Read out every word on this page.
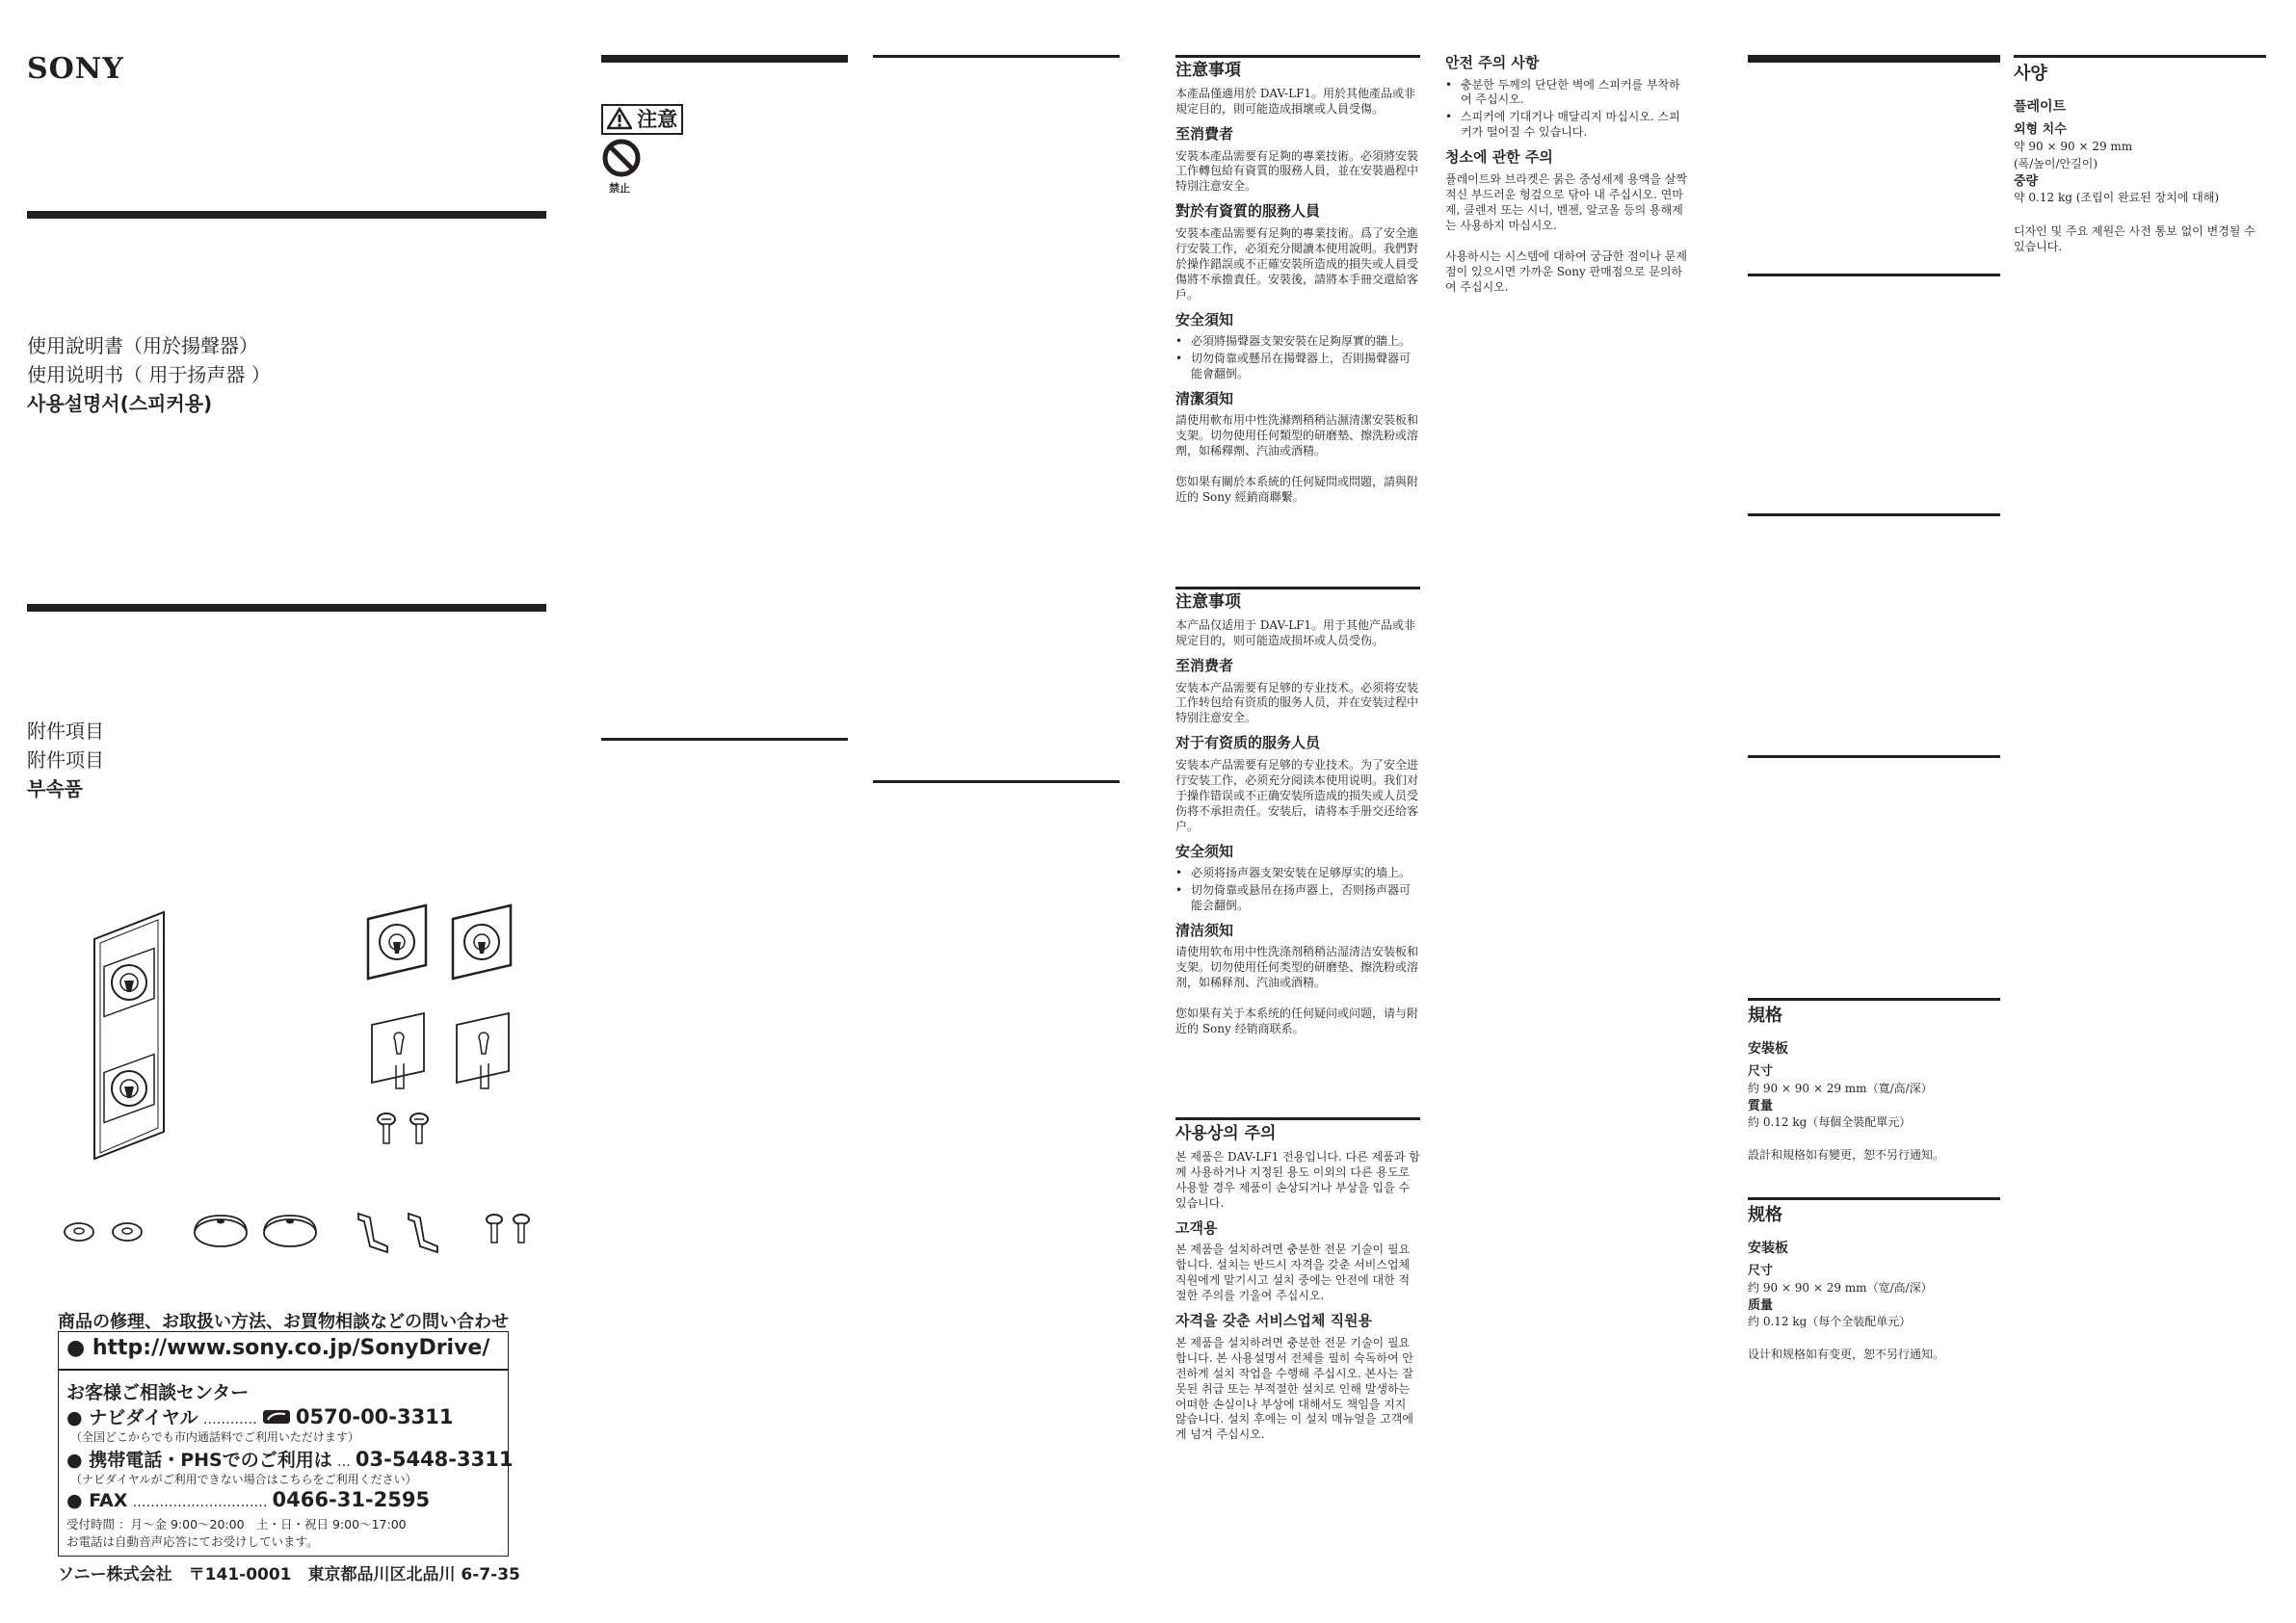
SONY
使用說明書（用於揚聲器）
使用说明书（ 用于扬声器 ）
사용설명서(스피커용)
附件項目
附件项目
부속품
商品の修理、お取扱い方法、お買物相談などの問い合わせ
● http://www.sony.co.jp/SonyDrive/
お客様ご相談センター
● ナビダイヤル ………… 0570-00-3311
（全国どこからでも市内通話料でご利用いただけます）
● 携帯電話・PHSでのご利用は … 03-5448-3311
（ナビダイヤルがご利用できない場合はこちらをご利用ください）
● FAX ………………………… 0466-31-2595
受付時間 ：月〜金 9:00〜20:00　土・日・祝日 9:00〜17:00
お電話は自動音声応答にてお受けしています。
ソニー株式会社　〒141-0001　東京都品川区北品川 6-7-35
注意
禁止
注意事項
本產品僅適用於 DAV-LF1。用於其他產品或非規定目的，則可能造成損壞或人員受傷。
至消費者
安裝本產品需要有足夠的專業技術。必須將安裝工作轉包給有資質的服務人員，並在安裝過程中特別注意安全。
對於有資質的服務人員
安裝本產品需要有足夠的專業技術。爲了安全進行安裝工作，必須充分閱讀本使用說明。我們對於操作錯誤或不正確安裝所造成的損失或人員受傷將不承擔責任。安裝後，請將本手冊交還給客戶。
安全須知
• 必須將揚聲器支架安裝在足夠厚實的牆上。
• 切勿倚靠或懸吊在揚聲器上，否則揚聲器可能會翻倒。
清潔須知
請使用軟布用中性洗滌劑稍稍沾濕清潔安裝板和支架。切勿使用任何類型的研磨墊、擦洗粉或溶劑，如稀釋劑、汽油或酒精。
您如果有關於本系統的任何疑問或問題，請與附近的 Sony 經銷商聯繫。
注意事项
本产品仅适用于 DAV-LF1。用于其他产品或非规定目的，则可能造成损坏或人员受伤。
至消费者
安装本产品需要有足够的专业技术。必须将安装工作转包给有资质的服务人员，并在安装过程中特别注意安全。
对于有资质的服务人员
安装本产品需要有足够的专业技术。为了安全进行安装工作，必须充分阅读本使用说明。我们对于操作错误或不正确安装所造成的损失或人员受伤将不承担责任。安装后，请将本手册交还给客户。
安全须知
• 必须将扬声器支架安装在足够厚实的墙上。
• 切勿倚靠或悬吊在扬声器上，否则扬声器可能会翻倒。
清洁须知
请使用软布用中性洗涤剂稍稍沾湿清洁安装板和支架。切勿使用任何类型的研磨垫、擦洗粉或溶剂，如稀释剂、汽油或酒精。
您如果有关于本系统的任何疑问或问题，请与附近的 Sony 经销商联系。
사용상의 주의
본 제품은 DAV-LF1 전용입니다. 다른 제품과 함께 사용하거나 지정된 용도 이외의 다른 용도로 사용할 경우 제품이 손상되거나 부상을 입을 수 있습니다.
고객용
본 제품을 설치하려면 충분한 전문 기술이 필요합니다. 설치는 반드시 자격을 갖춘 서비스업체 직원에게 맡기시고 설치 중에는 안전에 대한 적절한 주의를 기울여 주십시오.
자격을 갖춘 서비스업체 직원용
본 제품을 설치하려면 충분한 전문 기술이 필요합니다. 본 사용설명서 전체를 필히 숙독하여 안전하게 설치 작업을 수행해 주십시오. 본사는 잘못된 취급 또는 부적절한 설치로 인해 발생하는 어떠한 손실이나 부상에 대해서도 책임을 지지 않습니다. 설치 후에는 이 설치 매뉴얼을 고객에게 넘겨 주십시오.
안전 주의 사항
• 충분한 두께의 단단한 벽에 스피커를 부착하여 주십시오.
• 스피커에 기대거나 매달리지 마십시오. 스피커가 떨어질 수 있습니다.
청소에 관한 주의
플레이트와 브라켓은 묽은 중성세제 용액을 살짝 적신 부드러운 헝겊으로 닦아 내 주십시오. 연마제, 클렌저 또는 시너, 벤젠, 알코올 등의 용해제는 사용하지 마십시오.
사용하시는 시스템에 대하여 궁금한 점이나 문제점이 있으시면 가까운 Sony 판매점으로 문의하여 주십시오.
規格
安裝板
尺寸
約 90 × 90 × 29 mm（寬/高/深）
質量
約 0.12 kg（每個全裝配單元）
設計和規格如有變更，恕不另行通知。
规格
安装板
尺寸
约 90 × 90 × 29 mm（宽/高/深）
质量
约 0.12 kg（每个全装配单元）
设计和规格如有变更，恕不另行通知。
사양
플레이트
외형 치수
약 90 × 90 × 29 mm
(폭/높이/안길이)
중량
약 0.12 kg (조립이 완료된 장치에 대해)
디자인 및 주요 제원은 사전 통보 없이 변경될 수 있습니다.
